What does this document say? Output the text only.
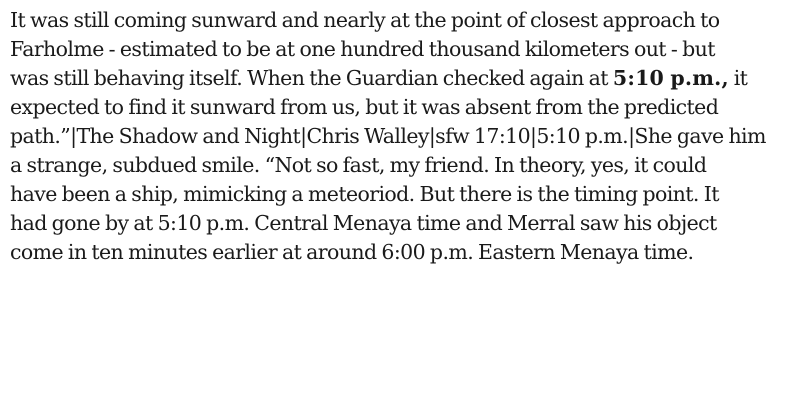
It was still coming sunward and nearly at the point of closest approach to
Farholme - estimated to be at one hundred thousand kilometers out - but
was still behaving itself. When the Guardian checked again at 5:10 p.m., it
expected to find it sunward from us, but it was absent from the predicted
path.”|The Shadow and Night|Chris Walley|sfw 17:10|5:10 p.m.|She gave him
a strange, subdued smile. “Not so fast, my friend. In theory, yes, it could
have been a ship, mimicking a meteoriod. But there is the timing point. It
had gone by at 5:10 p.m. Central Menaya time and Merral saw his object
come in ten minutes earlier at around 6:00 p.m. Eastern Menaya time.
